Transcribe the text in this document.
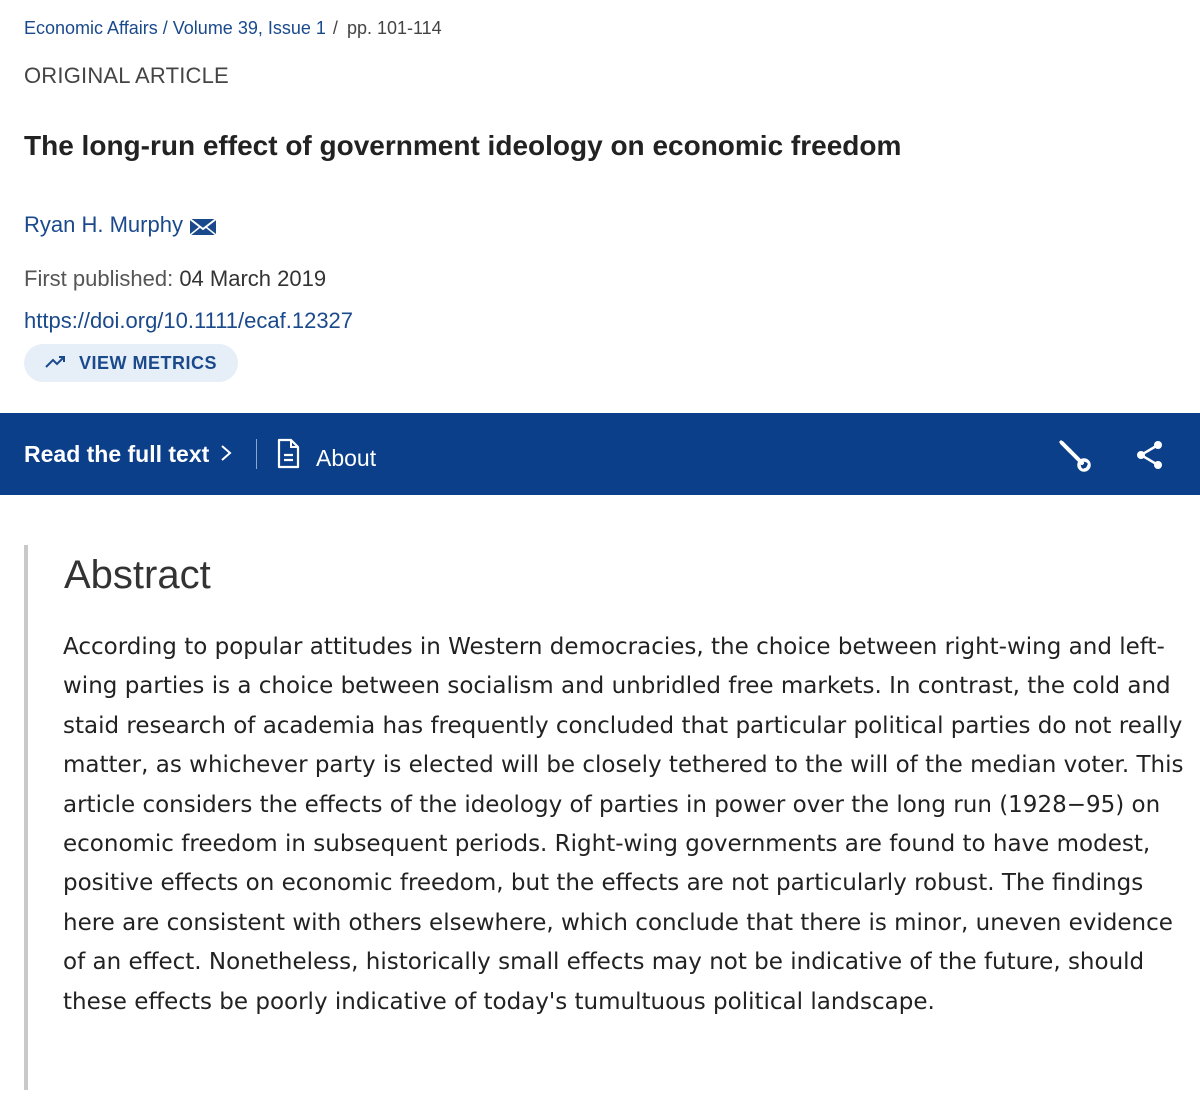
Economic Affairs / Volume 39, Issue 1 / pp. 101-114
ORIGINAL ARTICLE
The long-run effect of government ideology on economic freedom
Ryan H. Murphy
First published: 04 March 2019
https://doi.org/10.1111/ecaf.12327
VIEW METRICS
Read the full text	About
Abstract

According to popular attitudes in Western democracies, the choice between right-wing and left-wing parties is a choice between socialism and unbridled free markets. In contrast, the cold and staid research of academia has frequently concluded that particular political parties do not really matter, as whichever party is elected will be closely tethered to the will of the median voter. This article considers the effects of the ideology of parties in power over the long run (1928−95) on economic freedom in subsequent periods. Right-wing governments are found to have modest, positive effects on economic freedom, but the effects are not particularly robust. The findings here are consistent with others elsewhere, which conclude that there is minor, uneven evidence of an effect. Nonetheless, historically small effects may not be indicative of the future, should these effects be poorly indicative of today's tumultuous political landscape.
